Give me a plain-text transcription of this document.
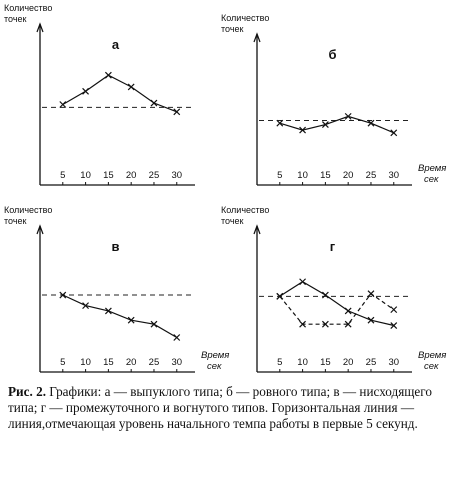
Количество
точек
а
5 10 15 20 25 30
Количество
точек
б
5 10 15 20 25 30
Время
сек
Количество
точек
в
5 10 15 20 25 30
Время
сек
Количество
точек
г
5 10 15 20 25 30
Время
сек
Рис. 2. Графики: а — выпуклого типа; б — ровного типа; в — нисходящего типа; г — промежуточного и вогнутого типов. Горизонтальная линия — линия,отмечающая уровень начального темпа работы в первые 5 секунд.
